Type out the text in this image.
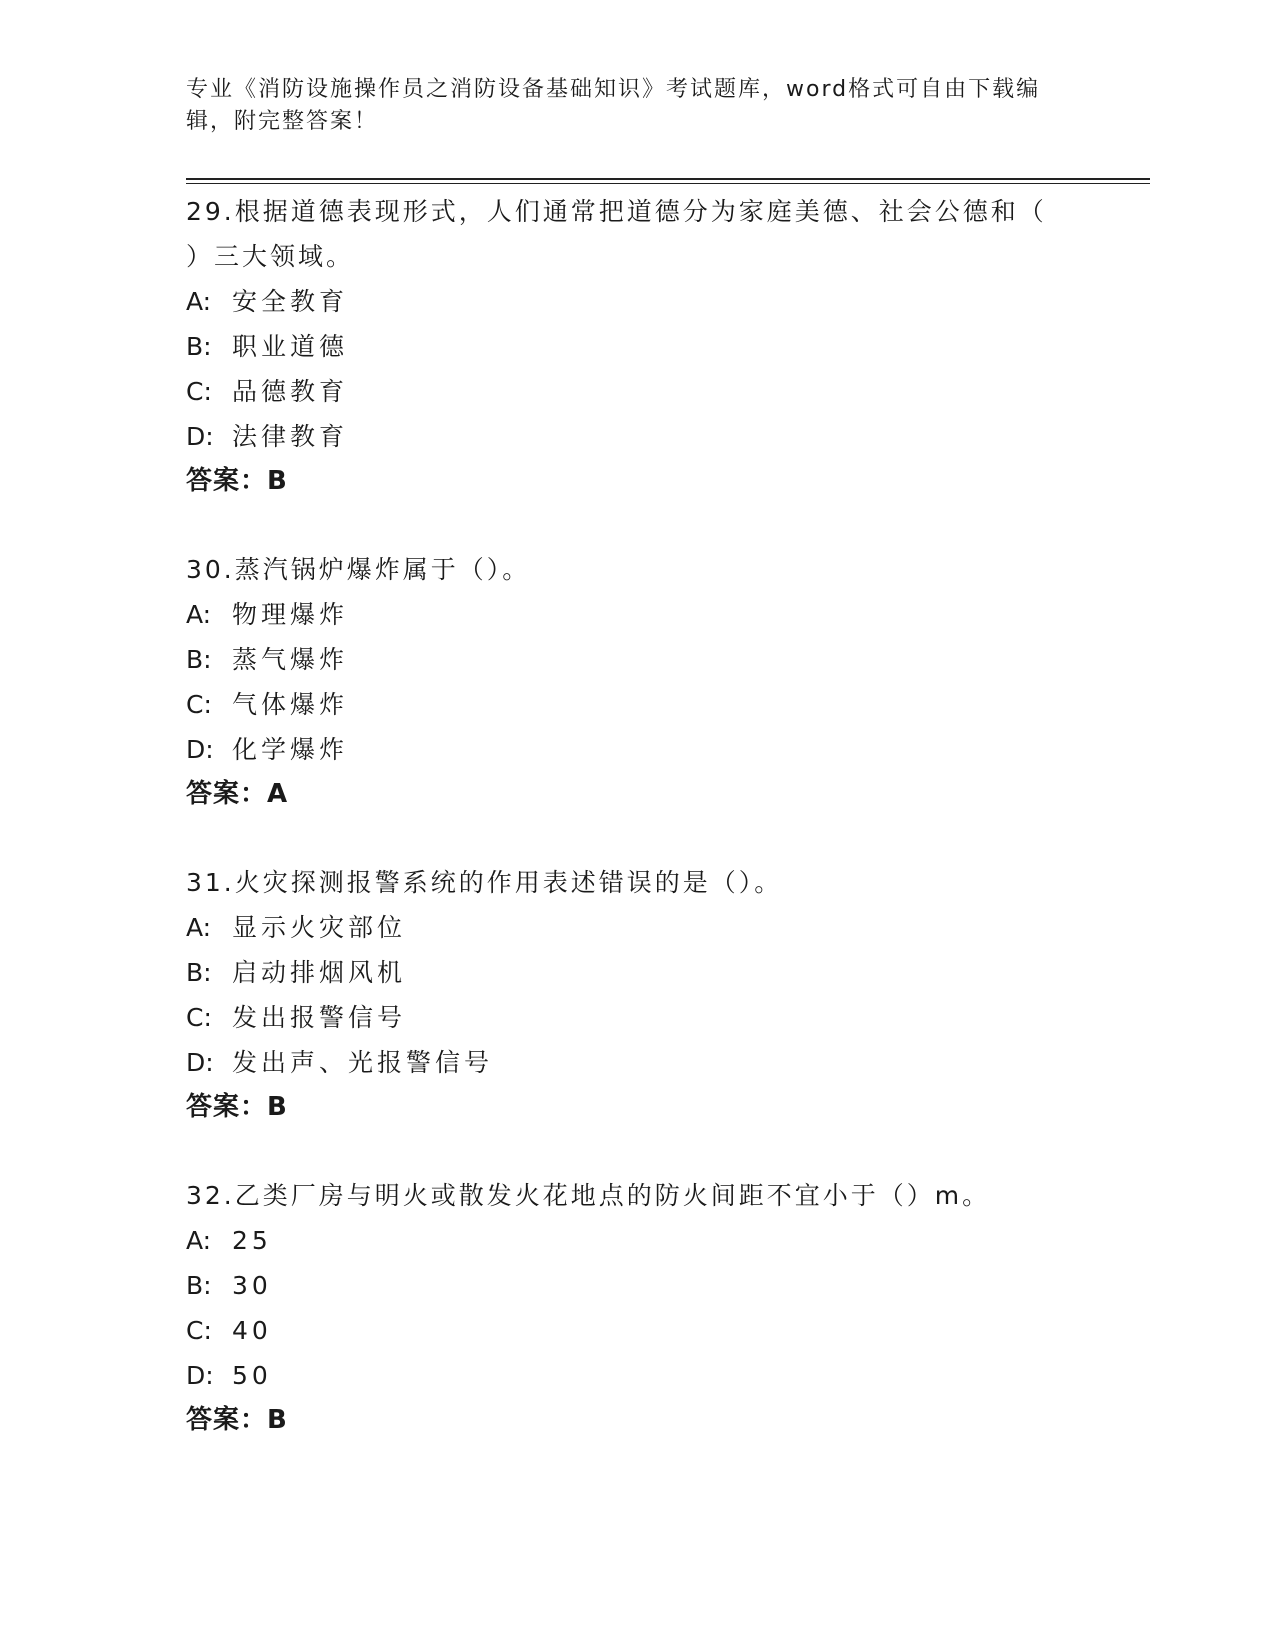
专业《消防设施操作员之消防设备基础知识》考试题库，word格式可自由下载编辑，附完整答案！

29.根据道德表现形式，人们通常把道德分为家庭美德、社会公德和（ ）三大领域。

A: 安全教育

B: 职业道德

C: 品德教育

D: 法律教育

答案：B

30.蒸汽锅炉爆炸属于（）。

A: 物理爆炸

B: 蒸气爆炸

C: 气体爆炸

D: 化学爆炸

答案：A

31.火灾探测报警系统的作用表述错误的是（）。

A: 显示火灾部位

B: 启动排烟风机

C: 发出报警信号

D: 发出声、光报警信号

答案：B

32.乙类厂房与明火或散发火花地点的防火间距不宜小于（）m。

A: 25

B: 30

C: 40

D: 50

答案：B
